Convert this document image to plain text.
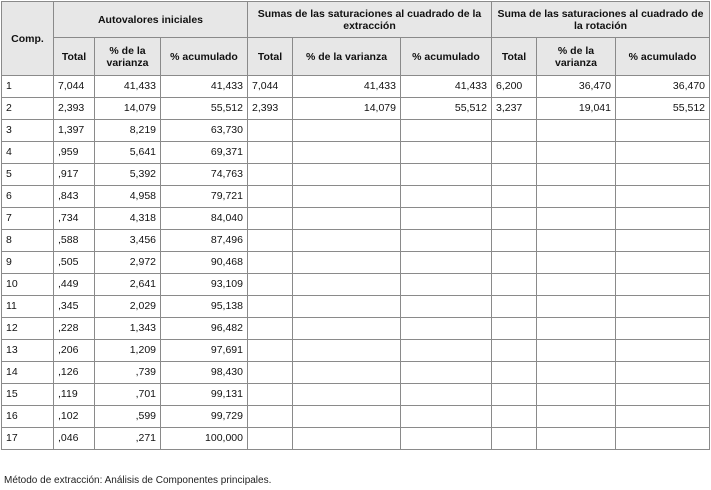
Comp.	Autovalores iniciales			Sumas de las saturaciones al cuadrado de la extracción			Suma de las saturaciones al cuadrado de la rotación		
	Total	% de la varianza	% acumulado	Total	% de la varianza	% acumulado	Total	% de la varianza	% acumulado
1	7,044	41,433	41,433	7,044	41,433	41,433	6,200	36,470	36,470
2	2,393	14,079	55,512	2,393	14,079	55,512	3,237	19,041	55,512
3	1,397	8,219	63,730						
4	,959	5,641	69,371						
5	,917	5,392	74,763						
6	,843	4,958	79,721						
7	,734	4,318	84,040						
8	,588	3,456	87,496						
9	,505	2,972	90,468						
10	,449	2,641	93,109						
11	,345	2,029	95,138						
12	,228	1,343	96,482						
13	,206	1,209	97,691						
14	,126	,739	98,430						
15	,119	,701	99,131						
16	,102	,599	99,729						
17	,046	,271	100,000						
Método de extracción: Análisis de Componentes principales.
